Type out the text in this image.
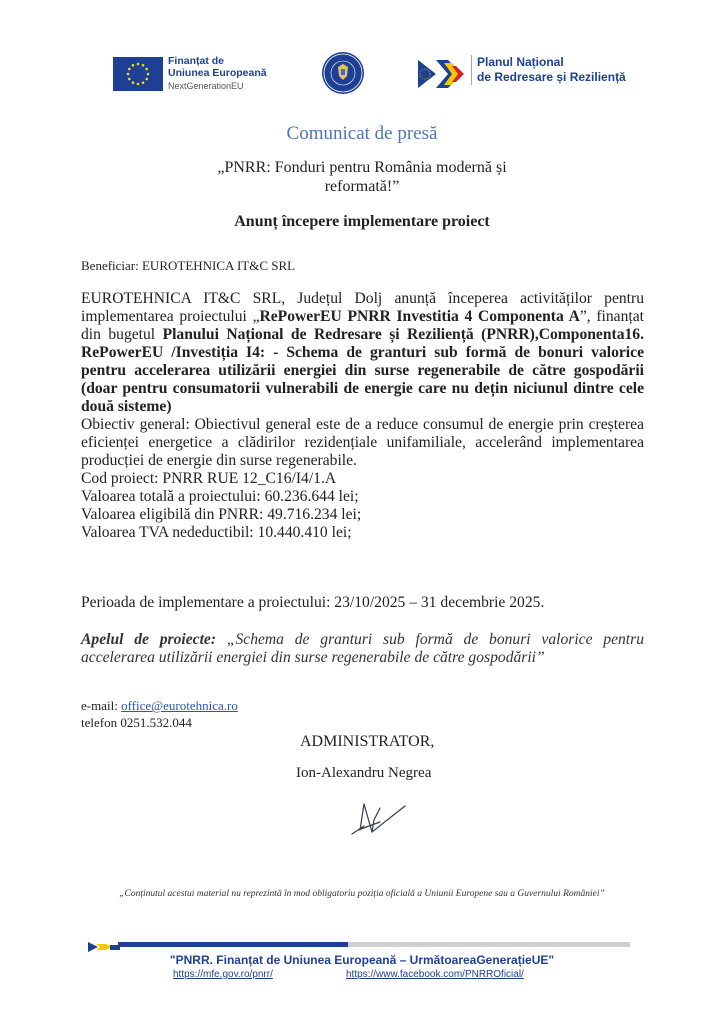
Finanțat de
Uniunea Europeană
NextGenerationEU
Planul Național
de Redresare și Reziliență
Comunicat de presă
„PNRR: Fonduri pentru România modernă și
reformată!”
Anunț începere implementare proiect
Beneficiar: EUROTEHNICA IT&C SRL
EUROTEHNICA IT&C SRL, Județul Dolj anunță începerea activităților pentru implementarea proiectului „RePowerEU PNRR Investitia 4 Componenta A”, finanțat din bugetul Planului Național de Redresare și Reziliență (PNRR),Componenta16. RePowerEU /Investiția I4: - Schema de granturi sub formă de bonuri valorice pentru accelerarea utilizării energiei din surse regenerabile de către gospodării (doar pentru consumatorii vulnerabili de energie care nu dețin niciunul dintre cele două sisteme)
Obiectiv general: Obiectivul general este de a reduce consumul de energie prin creșterea eficienței energetice a clădirilor rezidențiale unifamiliale, accelerând implementarea producției de energie din surse regenerabile.
Cod proiect: PNRR RUE 12_C16/I4/1.A
Valoarea totală a proiectului: 60.236.644 lei;
Valoarea eligibilă din PNRR: 49.716.234 lei;
Valoarea TVA nedeductibil: 10.440.410 lei;
Perioada de implementare a proiectului: 23/10/2025 – 31 decembrie 2025.
Apelul de proiecte: „Schema de granturi sub formă de bonuri valorice pentru accelerarea utilizării energiei din surse regenerabile de către gospodării”
e-mail: office@eurotehnica.ro
telefon 0251.532.044
ADMINISTRATOR,
Ion-Alexandru Negrea
„Conținutul acestui material nu reprezintă în mod obligatoriu poziția oficială a Uniunii Europene sau a Guvernului României”
"PNRR. Finanțat de Uniunea Europeană – UrmătoareaGenerațieUE"
https://mfe.gov.ro/pnrr/	https://www.facebook.com/PNRROficial/
